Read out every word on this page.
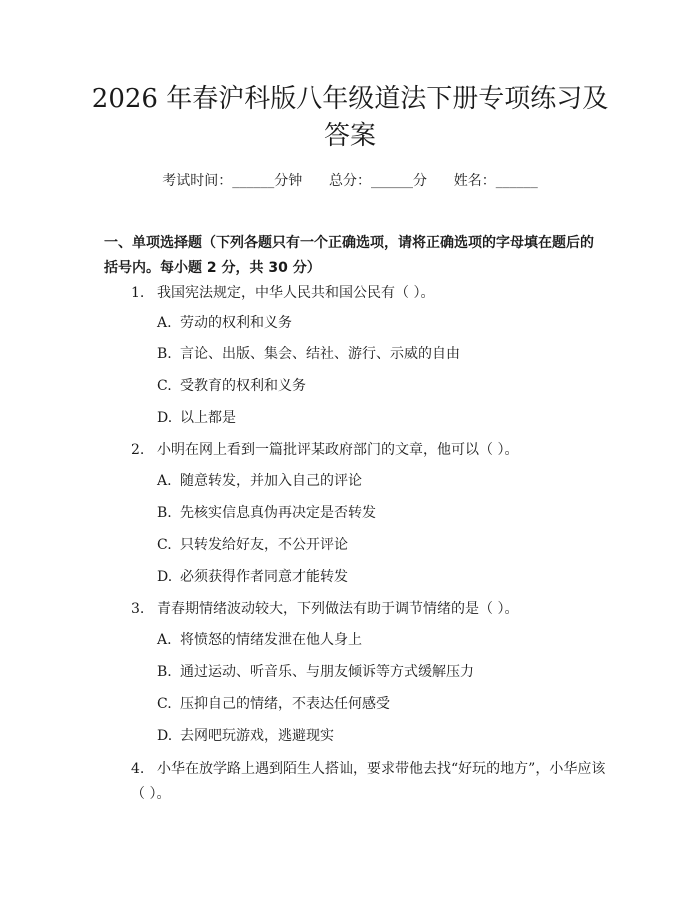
2026 年春沪科版八年级道法下册专项练习及
答案
考试时间：______分钟      总分：______分      姓名：______

一、单项选择题（下列各题只有一个正确选项，请将正确选项的字母填在题后的括号内。每小题 2 分，共 30 分）

1. 我国宪法规定，中华人民共和国公民有（ ）。
A. 劳动的权利和义务
B. 言论、出版、集会、结社、游行、示威的自由
C. 受教育的权利和义务
D. 以上都是
2. 小明在网上看到一篇批评某政府部门的文章，他可以（ ）。
A. 随意转发，并加入自己的评论
B. 先核实信息真伪再决定是否转发
C. 只转发给好友，不公开评论
D. 必须获得作者同意才能转发
3. 青春期情绪波动较大，下列做法有助于调节情绪的是（ ）。
A. 将愤怒的情绪发泄在他人身上
B. 通过运动、听音乐、与朋友倾诉等方式缓解压力
C. 压抑自己的情绪，不表达任何感受
D. 去网吧玩游戏，逃避现实
4. 小华在放学路上遇到陌生人搭讪，要求带他去找“好玩的地方”，小华应该（ ）。
